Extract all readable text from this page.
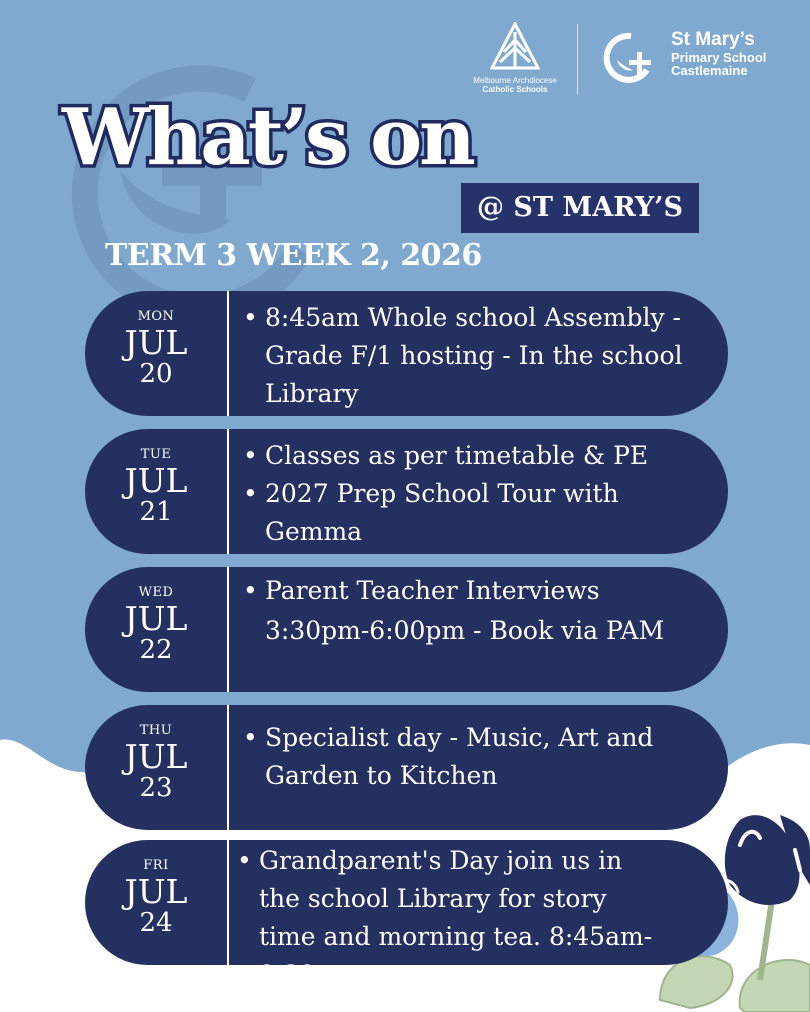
Melbourne Archdiocese
Catholic Schools
St Mary’s
Primary School
Castlemaine
What’s on
@ ST MARY’S
TERM 3 WEEK 2, 2026
MON
JUL
20
• 8:45am Whole school Assembly - Grade F/1 hosting - In the school Library
TUE
JUL
21
• Classes as per timetable & PE
• 2027 Prep School Tour with Gemma
WED
JUL
22
• Parent Teacher Interviews 3:30pm-6:00pm - Book via PAM
THU
JUL
23
• Specialist day - Music, Art and Garden to Kitchen
FRI
JUL
24
• Grandparent's Day join us in the school Library for story time and morning tea. 8:45am-9:30am
